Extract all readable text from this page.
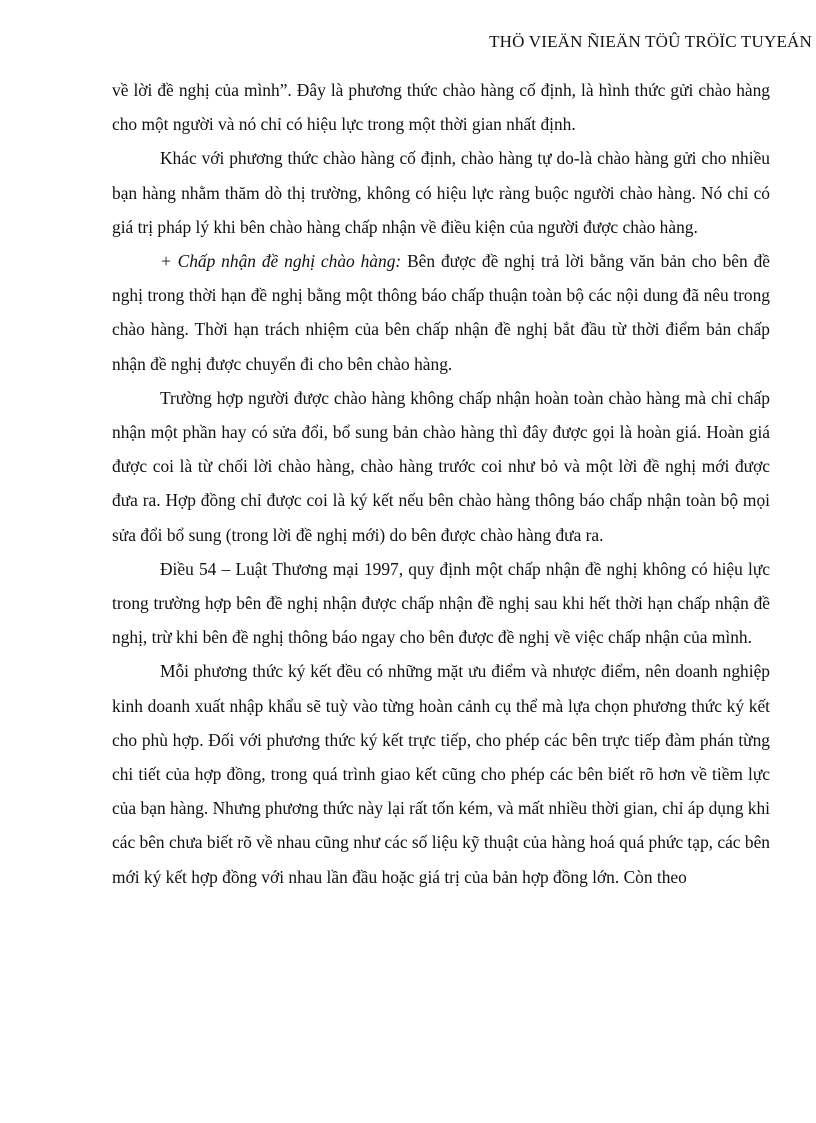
THÖ VIEÄN ÑIEÄN TÖÛ TRÖÏC TUYEÁN

về lời đề nghị của mình”. Đây là phương thức chào hàng cố định, là hình thức gửi chào hàng cho một người và nó chỉ có hiệu lực trong một thời gian nhất định.

Khác với phương thức chào hàng cố định, chào hàng tự do-là chào hàng gửi cho nhiều bạn hàng nhằm thăm dò thị trường, không có hiệu lực ràng buộc người chào hàng. Nó chỉ có giá trị pháp lý khi bên chào hàng chấp nhận về điều kiện của người được chào hàng.

+ Chấp nhận đề nghị chào hàng: Bên được đề nghị trả lời bằng văn bản cho bên đề nghị trong thời hạn đề nghị bằng một thông báo chấp thuận toàn bộ các nội dung đã nêu trong chào hàng. Thời hạn trách nhiệm của bên chấp nhận đề nghị bắt đầu từ thời điểm bản chấp nhận đề nghị được chuyển đi cho bên chào hàng.

Trường hợp người được chào hàng không chấp nhận hoàn toàn chào hàng mà chỉ chấp nhận một phần hay có sửa đổi, bổ sung bản chào hàng thì đây được gọi là hoàn giá. Hoàn giá được coi là từ chối lời chào hàng, chào hàng trước coi như bỏ và một lời đề nghị mới được đưa ra. Hợp đồng chỉ được coi là ký kết nếu bên chào hàng thông báo chấp nhận toàn bộ mọi sửa đổi bổ sung (trong lời đề nghị mới) do bên được chào hàng đưa ra.

Điều 54 – Luật Thương mại 1997, quy định một chấp nhận đề nghị không có hiệu lực trong trường hợp bên đề nghị nhận được chấp nhận đề nghị sau khi hết thời hạn chấp nhận đề nghị, trừ khi bên đề nghị thông báo ngay cho bên được đề nghị về việc chấp nhận của mình.

Mỗi phương thức ký kết đều có những mặt ưu điểm và nhược điểm, nên doanh nghiệp kinh doanh xuất nhập khẩu sẽ tuỳ vào từng hoàn cảnh cụ thể mà lựa chọn phương thức ký kết cho phù hợp. Đối với phương thức ký kết trực tiếp, cho phép các bên trực tiếp đàm phán từng chi tiết của hợp đồng, trong quá trình giao kết cũng cho phép các bên biết rõ hơn về tiềm lực của bạn hàng. Nhưng phương thức này lại rất tốn kém, và mất nhiều thời gian, chỉ áp dụng khi các bên chưa biết rõ về nhau cũng như các số liệu kỹ thuật của hàng hoá quá phức tạp, các bên mới ký kết hợp đồng với nhau lần đầu hoặc giá trị của bản hợp đồng lớn. Còn theo
